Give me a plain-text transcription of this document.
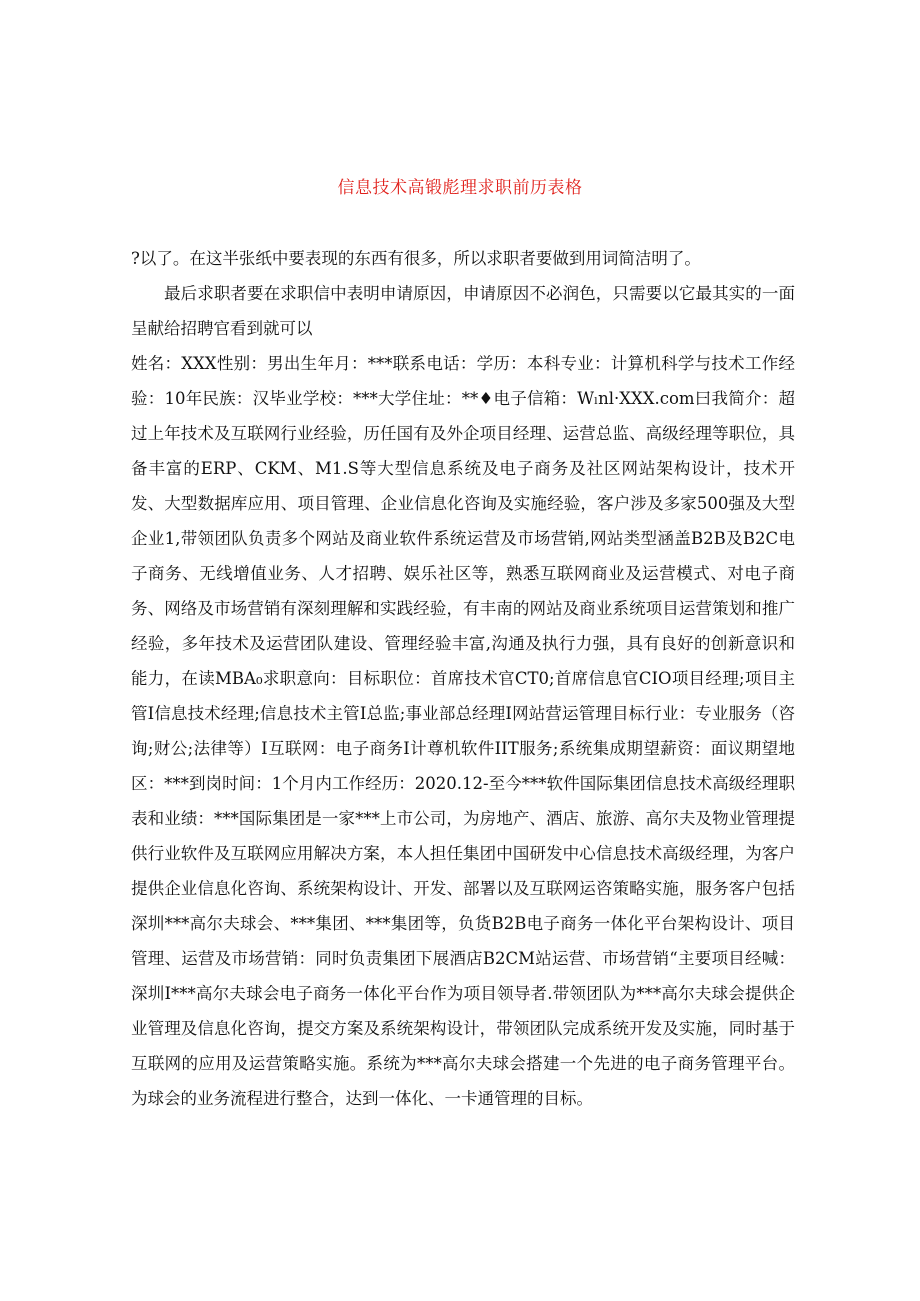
信息技术高锻彪理求职前历表格

?以了。在这半张纸中要表现的东西有很多，所以求职者要做到用词简洁明了。

最后求职者要在求职信中表明申请原因，申请原因不必润色，只需要以它最其实的一面呈献给招聘官看到就可以

姓名：XXX性别：男出生年月：***联系电话：学历：本科专业：计算机科学与技术工作经验：10年民族：汉毕业学校：***大学住址：**♦电子信箱：Wₗnl·XXX.com曰我简介：超过上年技术及互联网行业经验，历任国有及外企项目经理、运营总监、高级经理等职位，具备丰富的ERP、CKM、M1.S等大型信息系统及电子商务及社区网站架构设计，技术开发、大型数据库应用、项目管理、企业信息化咨询及实施经验，客户涉及多家500强及大型企业1,带领团队负责多个网站及商业软件系统运营及市场营销,网站类型涵盖B2B及B2C电子商务、无线增值业务、人才招聘、娱乐社区等，熟悉互联网商业及运营模式、对电子商务、网络及市场营销有深刻理解和实践经验，有丰南的网站及商业系统项目运营策划和推广经验，多年技术及运营团队建设、管理经验丰富,沟通及执行力强，具有良好的创新意识和能力，在读MBA₀求职意向：目标职位：首席技术官CT0;首席信息官CIO项目经理;项目主管I信息技术经理;信息技术主管I总监;事业部总经理I网站营运管理目标行业：专业服务（咨询;财公;法律等）I互联网：电子商务I计尊机软件IIT服务;系统集成期望薪资：面议期望地区：***到岗时间：1个月内工作经历：2020.12-至今***软件国际集团信息技术高级经理职表和业绩：***国际集团是一家***上市公司，为房地产、酒店、旅游、高尔夫及物业管理提供行业软件及互联网应用解决方案，本人担任集团中国研发中心信息技术高级经理，为客户提供企业信息化咨询、系统架构设计、开发、部署以及互联网运咨策略实施，服务客户包括深圳***高尔夫球会、***集团、***集团等，负货B2B电子商务一体化平台架构设计、项目管理、运营及市场营销：同时负责集团下展酒店B2CM站运营、市场营销“主要项目经喊：深圳I***高尔夫球会电子商务一体化平台作为项目领导者.带领团队为***高尔夫球会提供企业管理及信息化咨询，提交方案及系统架构设计，带领团队完成系统开发及实施，同时基于互联网的应用及运营策略实施。系统为***高尔夫球会搭建一个先进的电子商务管理平台。为球会的业务流程进行整合，达到一体化、一卡通管理的目标。
